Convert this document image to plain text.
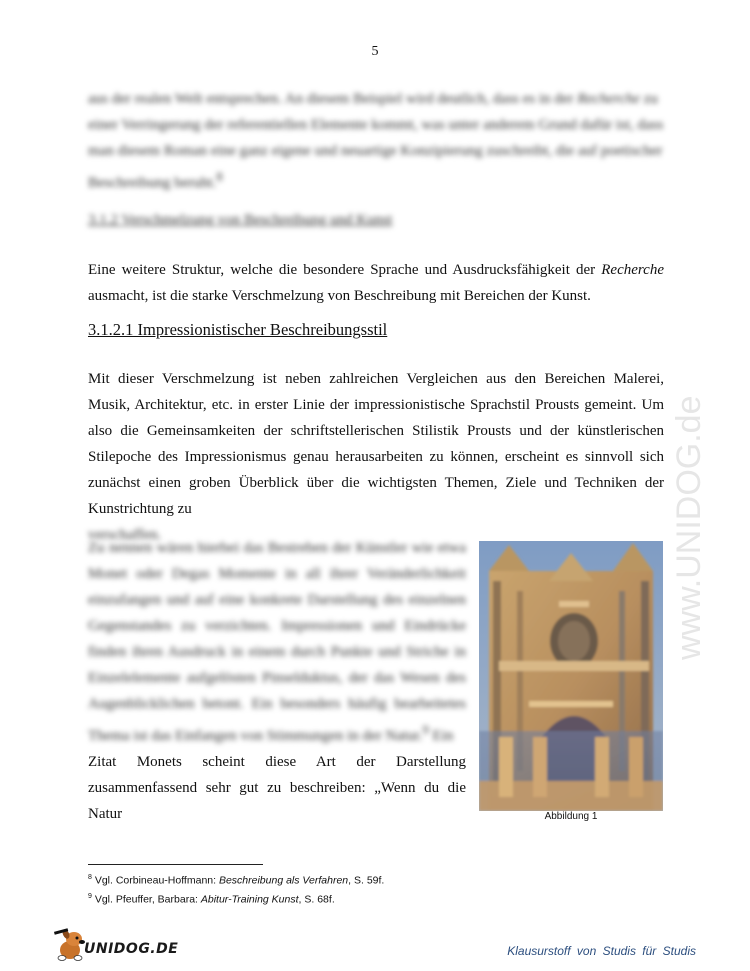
5
aus der realen Welt entsprechen. An diesem Beispiel wird deutlich, dass es in der Recherche zu
einer Verringerung der referentiellen Elemente kommt, was unter anderem Grund dafür ist, dass
man diesem Roman eine ganz eigene und neuartige Konzipierung zuschreibt, die auf poetischer
Beschreibung beruht.$^8$

3.1.2 Verschmelzung von Beschreibung und Kunst

Eine weitere Struktur, welche die besondere Sprache und Ausdrucksfähigkeit der Recherche ausmacht, ist die starke Verschmelzung von Beschreibung mit Bereichen der Kunst.

3.1.2.1 Impressionistischer Beschreibungsstil

Mit dieser Verschmelzung ist neben zahlreichen Vergleichen aus den Bereichen Malerei, Musik, Architektur, etc. in erster Linie der impressionistische Sprachstil Prousts gemeint. Um also die Gemeinsamkeiten der schriftstellerischen Stilistik Prousts und der künstlerischen Stilepoche des Impressionismus genau herausarbeiten zu können, erscheint es sinnvoll sich zunächst einen groben Überblick über die wichtigsten Themen, Ziele und Techniken der Kunstrichtung zu
verschaffen.

Zu nennen wären hierbei das Bestreben der Künstler wie etwa Monet oder Degas Momente in all ihrer Veränderlichkeit einzufangen und auf eine konkrete Darstellung des einzelnen Gegenstandes zu verzichten. Impressionen und Eindrücke finden ihren Ausdruck in einem durch Punkte und Striche in Einzelelemente aufgelösten Pinselduktus, der das Wesen des Augenblicklichen betont. Ein besonders häufig bearbeitetes Thema ist das Einfangen von Stimmungen in der Natur.$^9$ Ein
Zitat Monets scheint diese Art der Darstellung
zusammenfassend sehr gut zu beschreiben: „Wenn du die Natur	Abbildung 1
www.UNIDOG.de
$^8$ Vgl. Corbineau-Hoffmann: Beschreibung als Verfahren, S. 59f.
$^9$ Vgl. Pfeuffer, Barbara: Abitur-Training Kunst, S. 68f.
UNIDOG.DE	Klausurstoff von Studis für Studis
